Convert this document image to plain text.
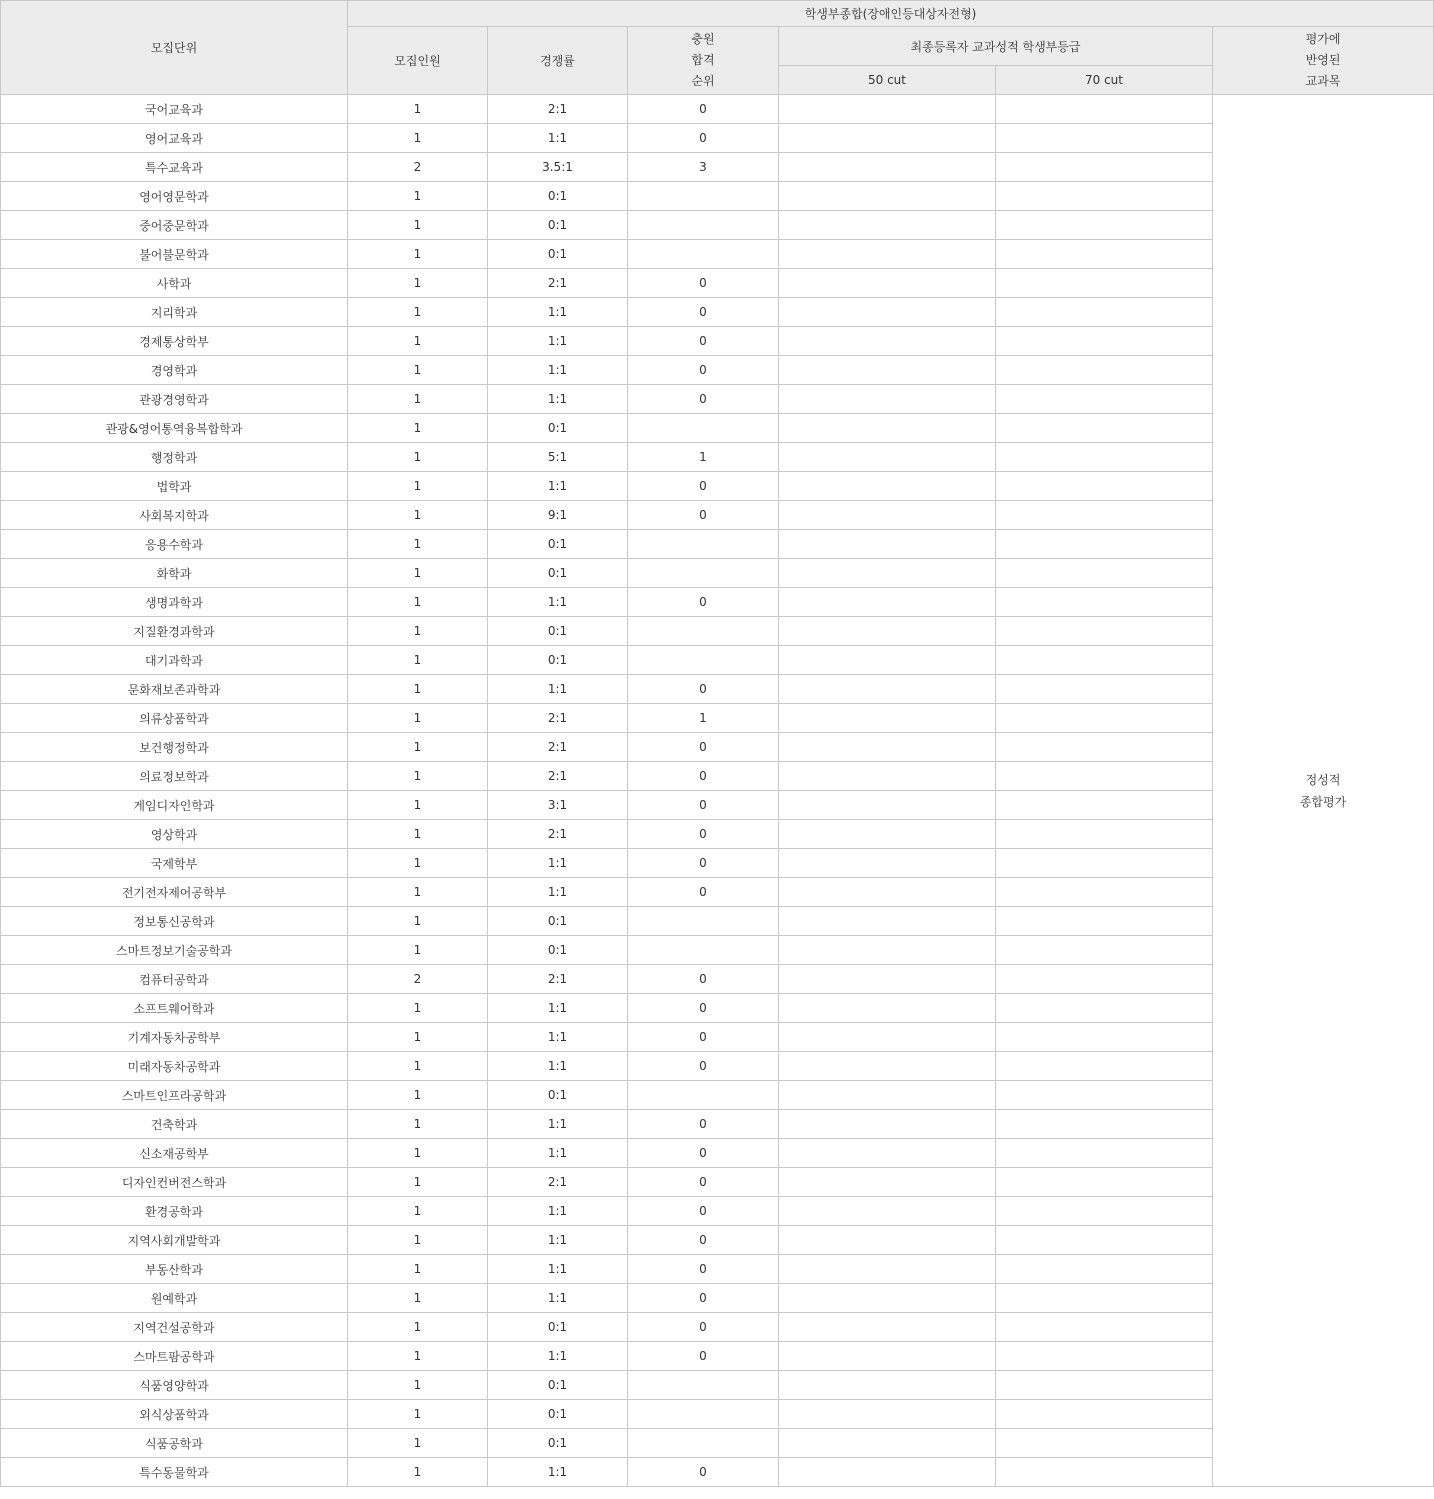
모집단위	학생부종합(장애인등대상자전형)					
	모집인원	경쟁률	충원
합격
순위	최종등록자 교과성적 학생부등급		평가에
반영된
교과목
				50 cut	70 cut	
국어교육과	1	2:1	0			정성적
종합평가
영어교육과	1	1:1	0			
특수교육과	2	3.5:1	3			
영어영문학과	1	0:1				
중어중문학과	1	0:1				
불어불문학과	1	0:1				
사학과	1	2:1	0			
지리학과	1	1:1	0			
경제통상학부	1	1:1	0			
경영학과	1	1:1	0			
관광경영학과	1	1:1	0			
관광&영어통역융복합학과	1	0:1				
행정학과	1	5:1	1			
법학과	1	1:1	0			
사회복지학과	1	9:1	0			
응용수학과	1	0:1				
화학과	1	0:1				
생명과학과	1	1:1	0			
지질환경과학과	1	0:1				
대기과학과	1	0:1				
문화재보존과학과	1	1:1	0			
의류상품학과	1	2:1	1			
보건행정학과	1	2:1	0			
의료정보학과	1	2:1	0			
게임디자인학과	1	3:1	0			
영상학과	1	2:1	0			
국제학부	1	1:1	0			
전기전자제어공학부	1	1:1	0			
정보통신공학과	1	0:1				
스마트정보기술공학과	1	0:1				
컴퓨터공학과	2	2:1	0			
소프트웨어학과	1	1:1	0			
기계자동차공학부	1	1:1	0			
미래자동차공학과	1	1:1	0			
스마트인프라공학과	1	0:1				
건축학과	1	1:1	0			
신소재공학부	1	1:1	0			
디자인컨버전스학과	1	2:1	0			
환경공학과	1	1:1	0			
지역사회개발학과	1	1:1	0			
부동산학과	1	1:1	0			
원예학과	1	1:1	0			
지역건설공학과	1	0:1	0			
스마트팜공학과	1	1:1	0			
식품영양학과	1	0:1				
외식상품학과	1	0:1				
식품공학과	1	0:1				
특수동물학과	1	1:1	0			
